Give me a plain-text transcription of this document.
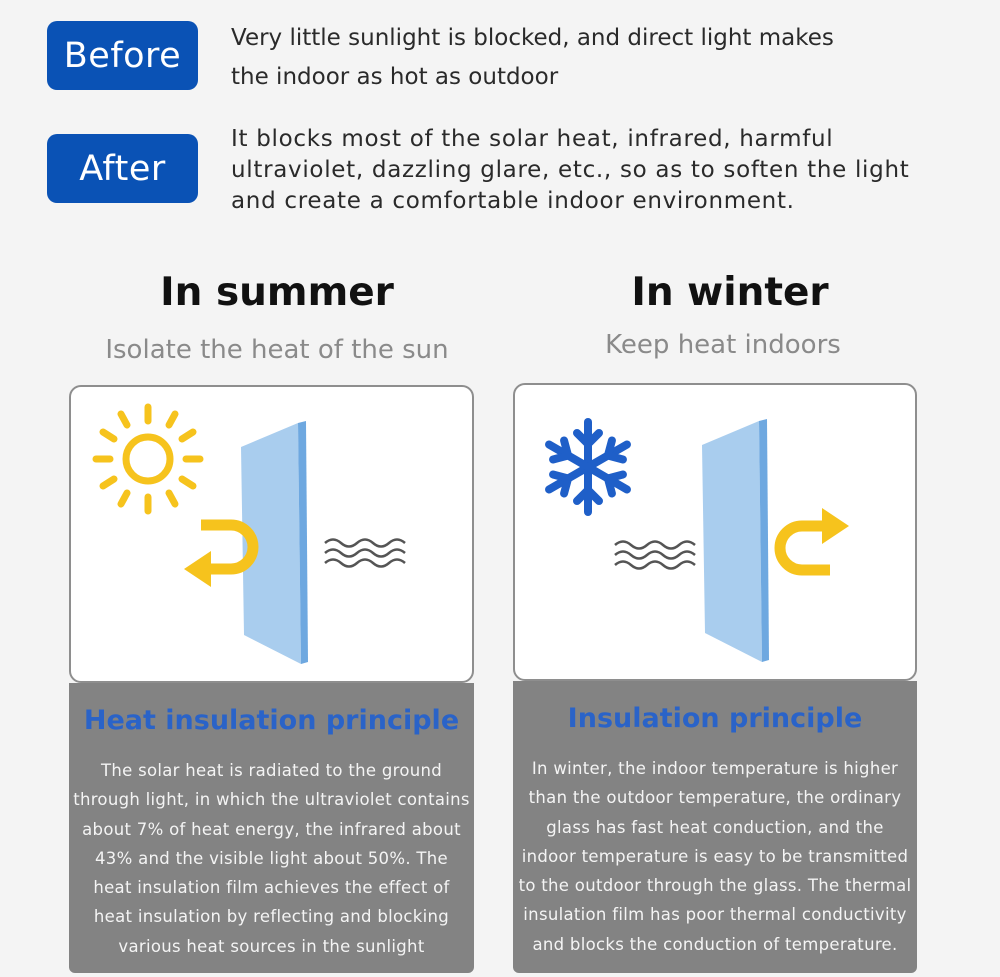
Before	Very little sunlight is blocked, and direct light makes
the indoor as hot as outdoor
After
It blocks most of the solar heat, infrared, harmful
ultraviolet, dazzling glare, etc., so as to soften the light
and create a comfortable indoor environment.
In summer
Isolate the heat of the sun
Heat insulation principle
The solar heat is radiated to the ground
through light, in which the ultraviolet contains
about 7% of heat energy, the infrared about
43% and the visible light about 50%. The
heat insulation film achieves the effect of
heat insulation by reflecting and blocking
various heat sources in the sunlight
In winter
Keep heat indoors
Insulation principle
In winter, the indoor temperature is higher
than the outdoor temperature, the ordinary
glass has fast heat conduction, and the
indoor temperature is easy to be transmitted
to the outdoor through the glass. The thermal
insulation film has poor thermal conductivity
and blocks the conduction of temperature.
